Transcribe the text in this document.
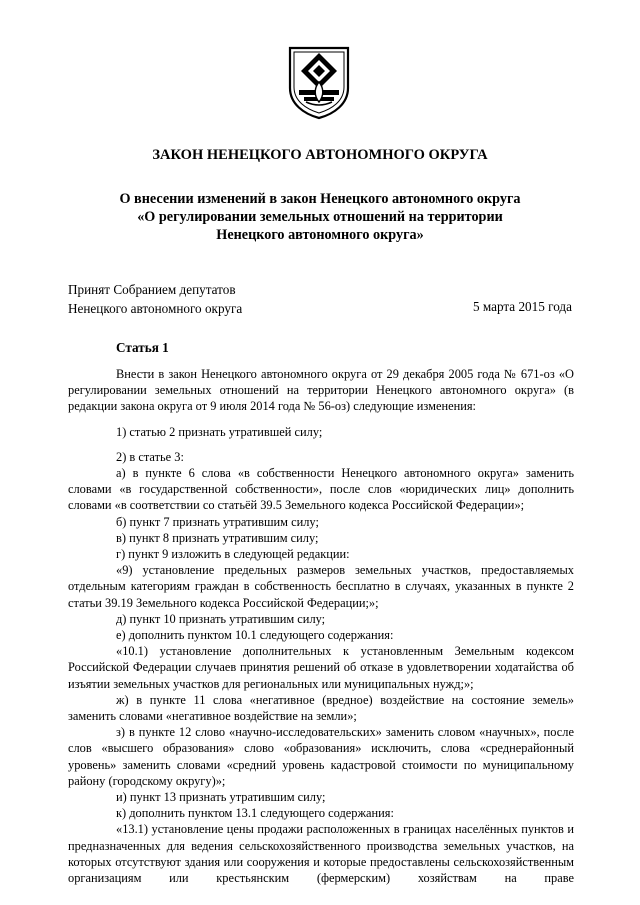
ЗАКОН НЕНЕЦКОГО АВТОНОМНОГО ОКРУГА
О внесении изменений в закон Ненецкого автономного округа
«О регулировании земельных отношений на территории
Ненецкого автономного округа»
Принят Собранием депутатов
Ненецкого автономного округа	5 марта 2015 года
Статья 1

Внести в закон Ненецкого автономного округа от 29 декабря 2005 года № 671-оз «О регулировании земельных отношений на территории Ненецкого автономного округа» (в редакции закона округа от 9 июля 2014 года № 56-оз) следующие изменения:

1) статью 2 признать утратившей силу;

2) в статье 3:

а) в пункте 6 слова «в собственности Ненецкого автономного округа» заменить словами «в государственной собственности», после слов «юридических лиц» дополнить словами «в соответствии со статьёй 39.5 Земельного кодекса Российской Федерации»;

б) пункт 7 признать утратившим силу;

в) пункт 8 признать утратившим силу;

г) пункт 9 изложить в следующей редакции:

«9) установление предельных размеров земельных участков, предоставляемых отдельным категориям граждан в собственность бесплатно в случаях, указанных в пункте 2 статьи 39.19 Земельного кодекса Российской Федерации;»;

д) пункт 10 признать утратившим силу;

е) дополнить пунктом 10.1 следующего содержания:

«10.1) установление дополнительных к установленным Земельным кодексом Российской Федерации случаев принятия решений об отказе в удовлетворении ходатайства об изъятии земельных участков для региональных или муниципальных нужд;»;

ж) в пункте 11 слова «негативное (вредное) воздействие на состояние земель» заменить словами «негативное воздействие на земли»;

з) в пункте 12 слово «научно-исследовательских» заменить словом «научных», после слов «высшего образования» слово «образования» исключить, слова «среднерайонный уровень» заменить словами «средний уровень кадастровой стоимости по муниципальному району (городскому округу)»;

и) пункт 13 признать утратившим силу;

к) дополнить пунктом 13.1 следующего содержания:

«13.1) установление цены продажи расположенных в границах населённых пунктов и предназначенных для ведения сельскохозяйственного производства земельных участков, на которых отсутствуют здания или сооружения и которые предоставлены сельскохозяйственным организациям или крестьянским (фермерским) хозяйствам на праве
